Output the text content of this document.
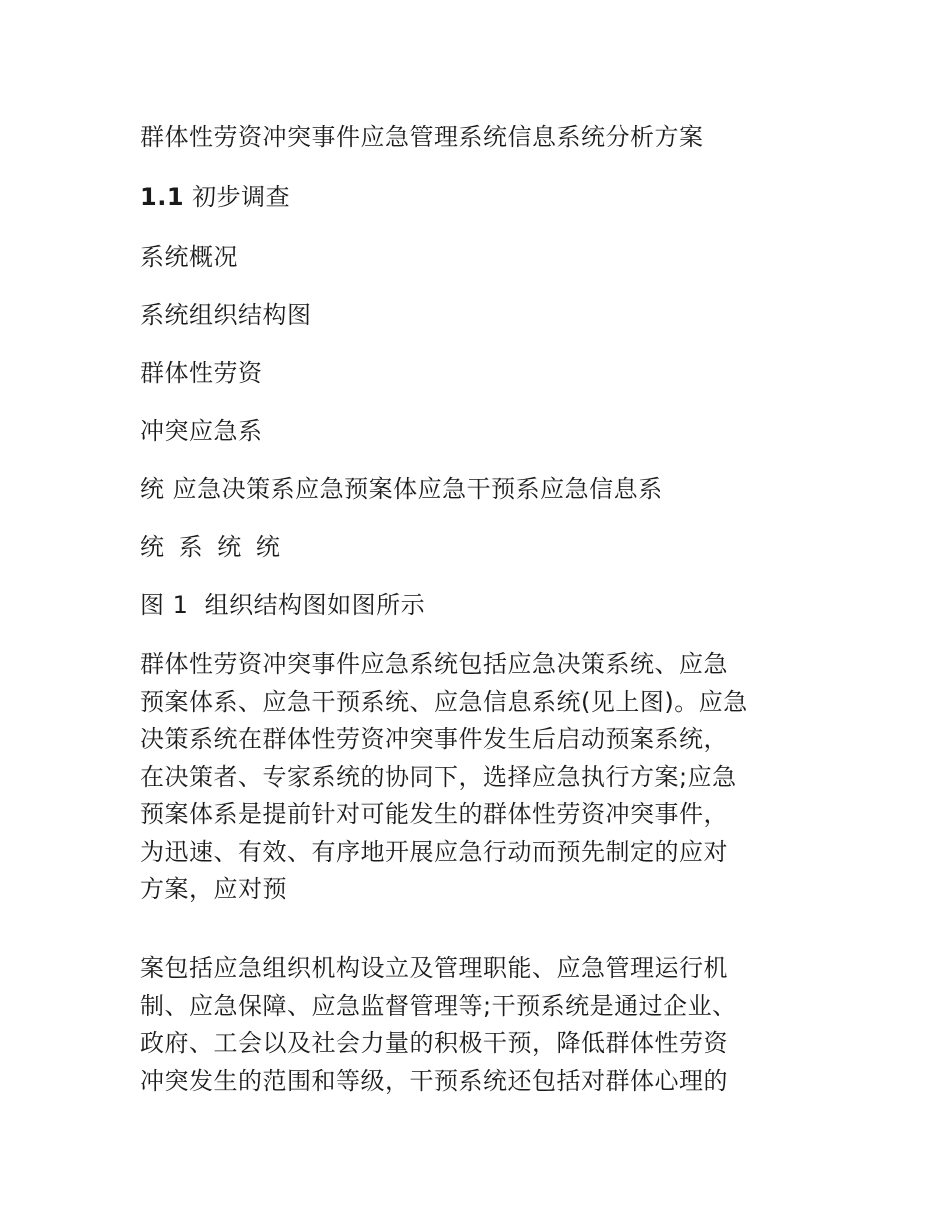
群体性劳资冲突事件应急管理系统信息系统分析方案
1.1 初步调查
系统概况
系统组织结构图
群体性劳资
冲突应急系
统 应急决策系应急预案体应急干预系应急信息系
统 系 统 统
图 1  组织结构图如图所示
群体性劳资冲突事件应急系统包括应急决策系统、应急
预案体系、应急干预系统、应急信息系统(见上图)。应急
决策系统在群体性劳资冲突事件发生后启动预案系统，
在决策者、专家系统的协同下，选择应急执行方案;应急
预案体系是提前针对可能发生的群体性劳资冲突事件，
为迅速、有效、有序地开展应急行动而预先制定的应对
方案，应对预
案包括应急组织机构设立及管理职能、应急管理运行机
制、应急保障、应急监督管理等;干预系统是通过企业、
政府、工会以及社会力量的积极干预，降低群体性劳资
冲突发生的范围和等级，干预系统还包括对群体心理的
